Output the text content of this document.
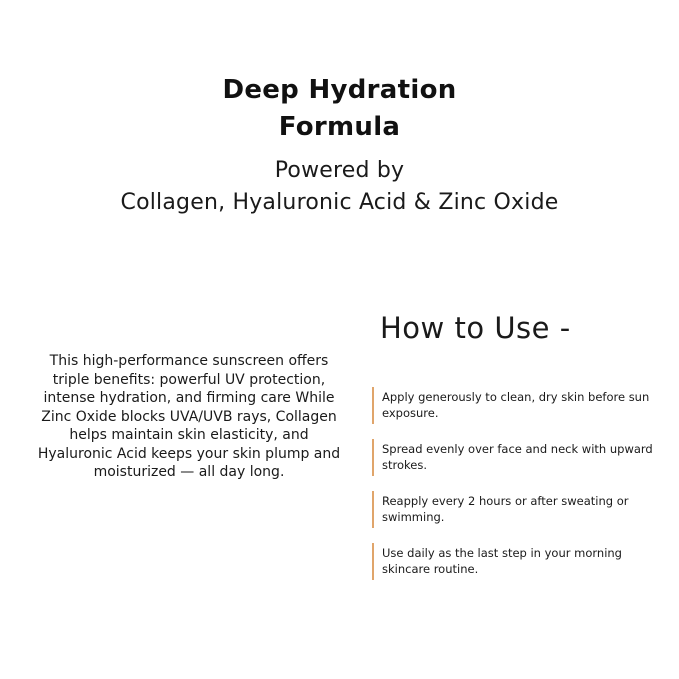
Deep Hydration
Formula
Powered by
Collagen, Hyaluronic Acid & Zinc Oxide
This high-performance sunscreen offers triple benefits: powerful UV protection, intense hydration, and firming care While Zinc Oxide blocks UVA/UVB rays, Collagen helps maintain skin elasticity, and Hyaluronic Acid keeps your skin plump and moisturized — all day long.
How to Use -
Apply generously to clean, dry skin before sun exposure.
Spread evenly over face and neck with upward strokes.
Reapply every 2 hours or after sweating or swimming.
Use daily as the last step in your morning skincare routine.
